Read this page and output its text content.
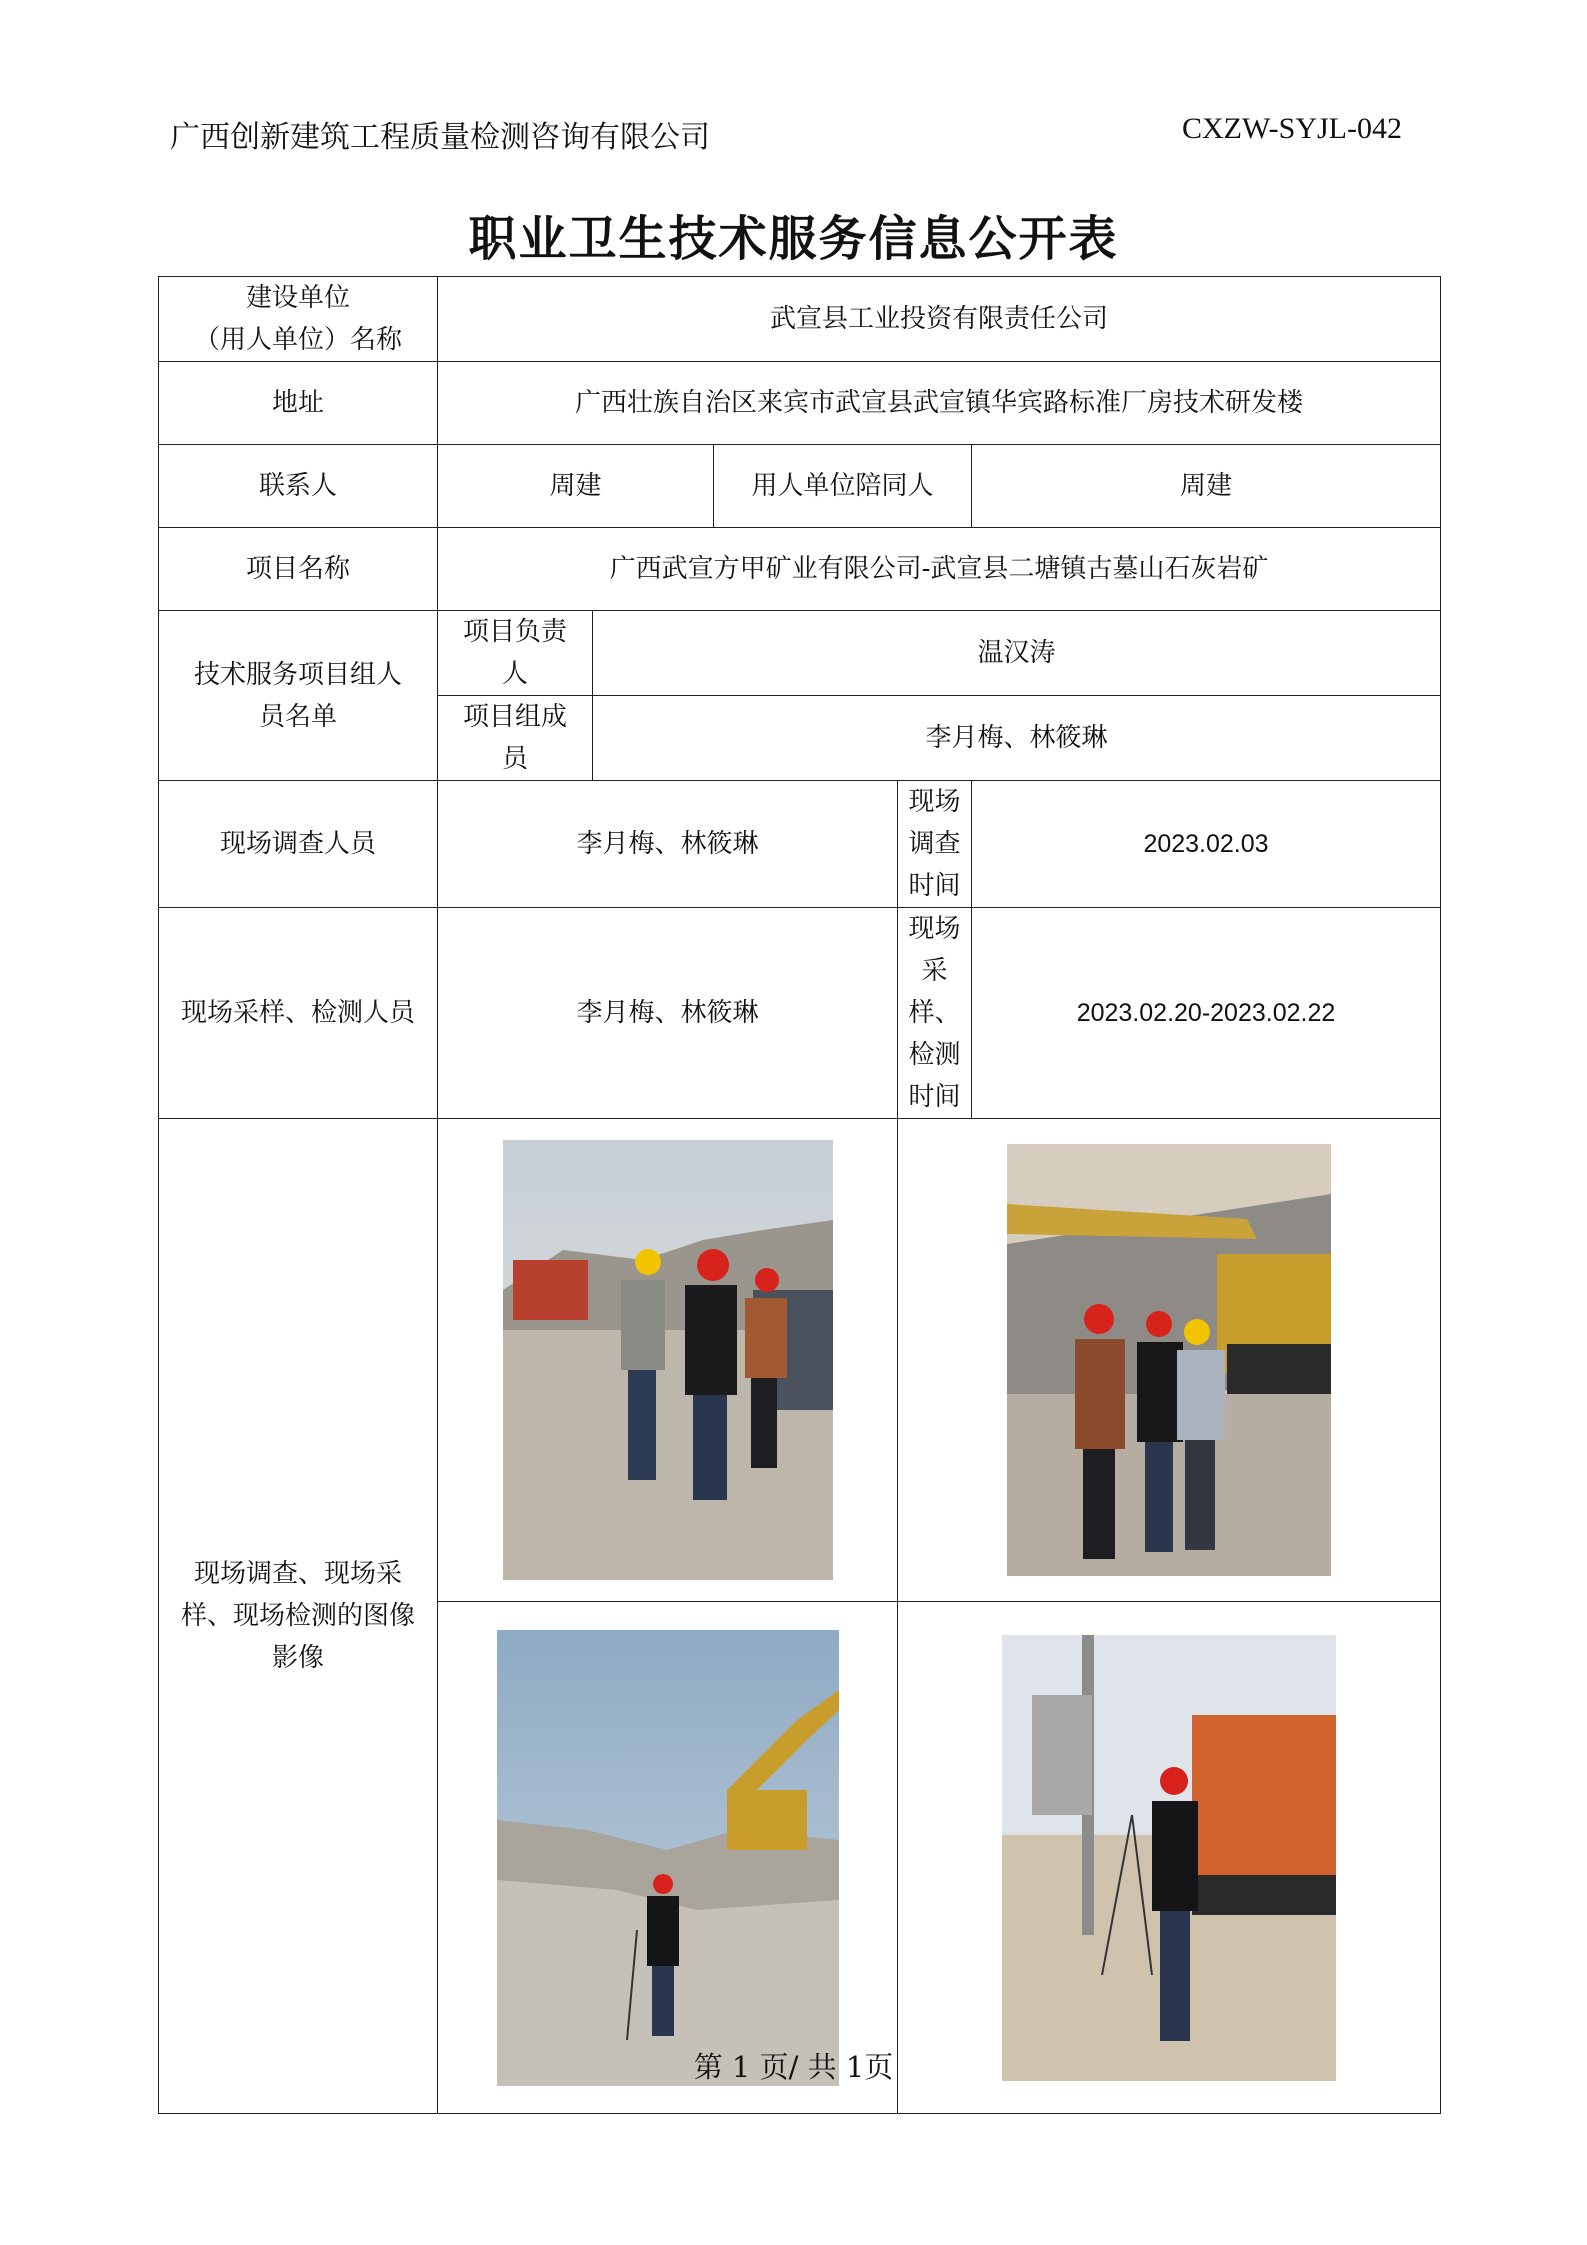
广西创新建筑工程质量检测咨询有限公司	CXZW-SYJL-042
职业卫生技术服务信息公开表
建设单位
（用人单位）名称	武宣县工业投资有限责任公司				
地址	广西壮族自治区来宾市武宣县武宣镇华宾路标准厂房技术研发楼				
联系人	周建		用人单位陪同人		周建
项目名称	广西武宣方甲矿业有限公司-武宣县二塘镇古墓山石灰岩矿				
技术服务项目组人员名单	项目负责人	温汉涛			
	项目组成员	李月梅、林筱琳			
现场调查人员	李月梅、林筱琳			现场调查时间	2023.02.03
现场采样、检测人员	李月梅、林筱琳			现场采样、检测时间	2023.02.20-2023.02.22
现场调查、现场采样、现场检测的图像影像	

第 1 页/ 共 1页
